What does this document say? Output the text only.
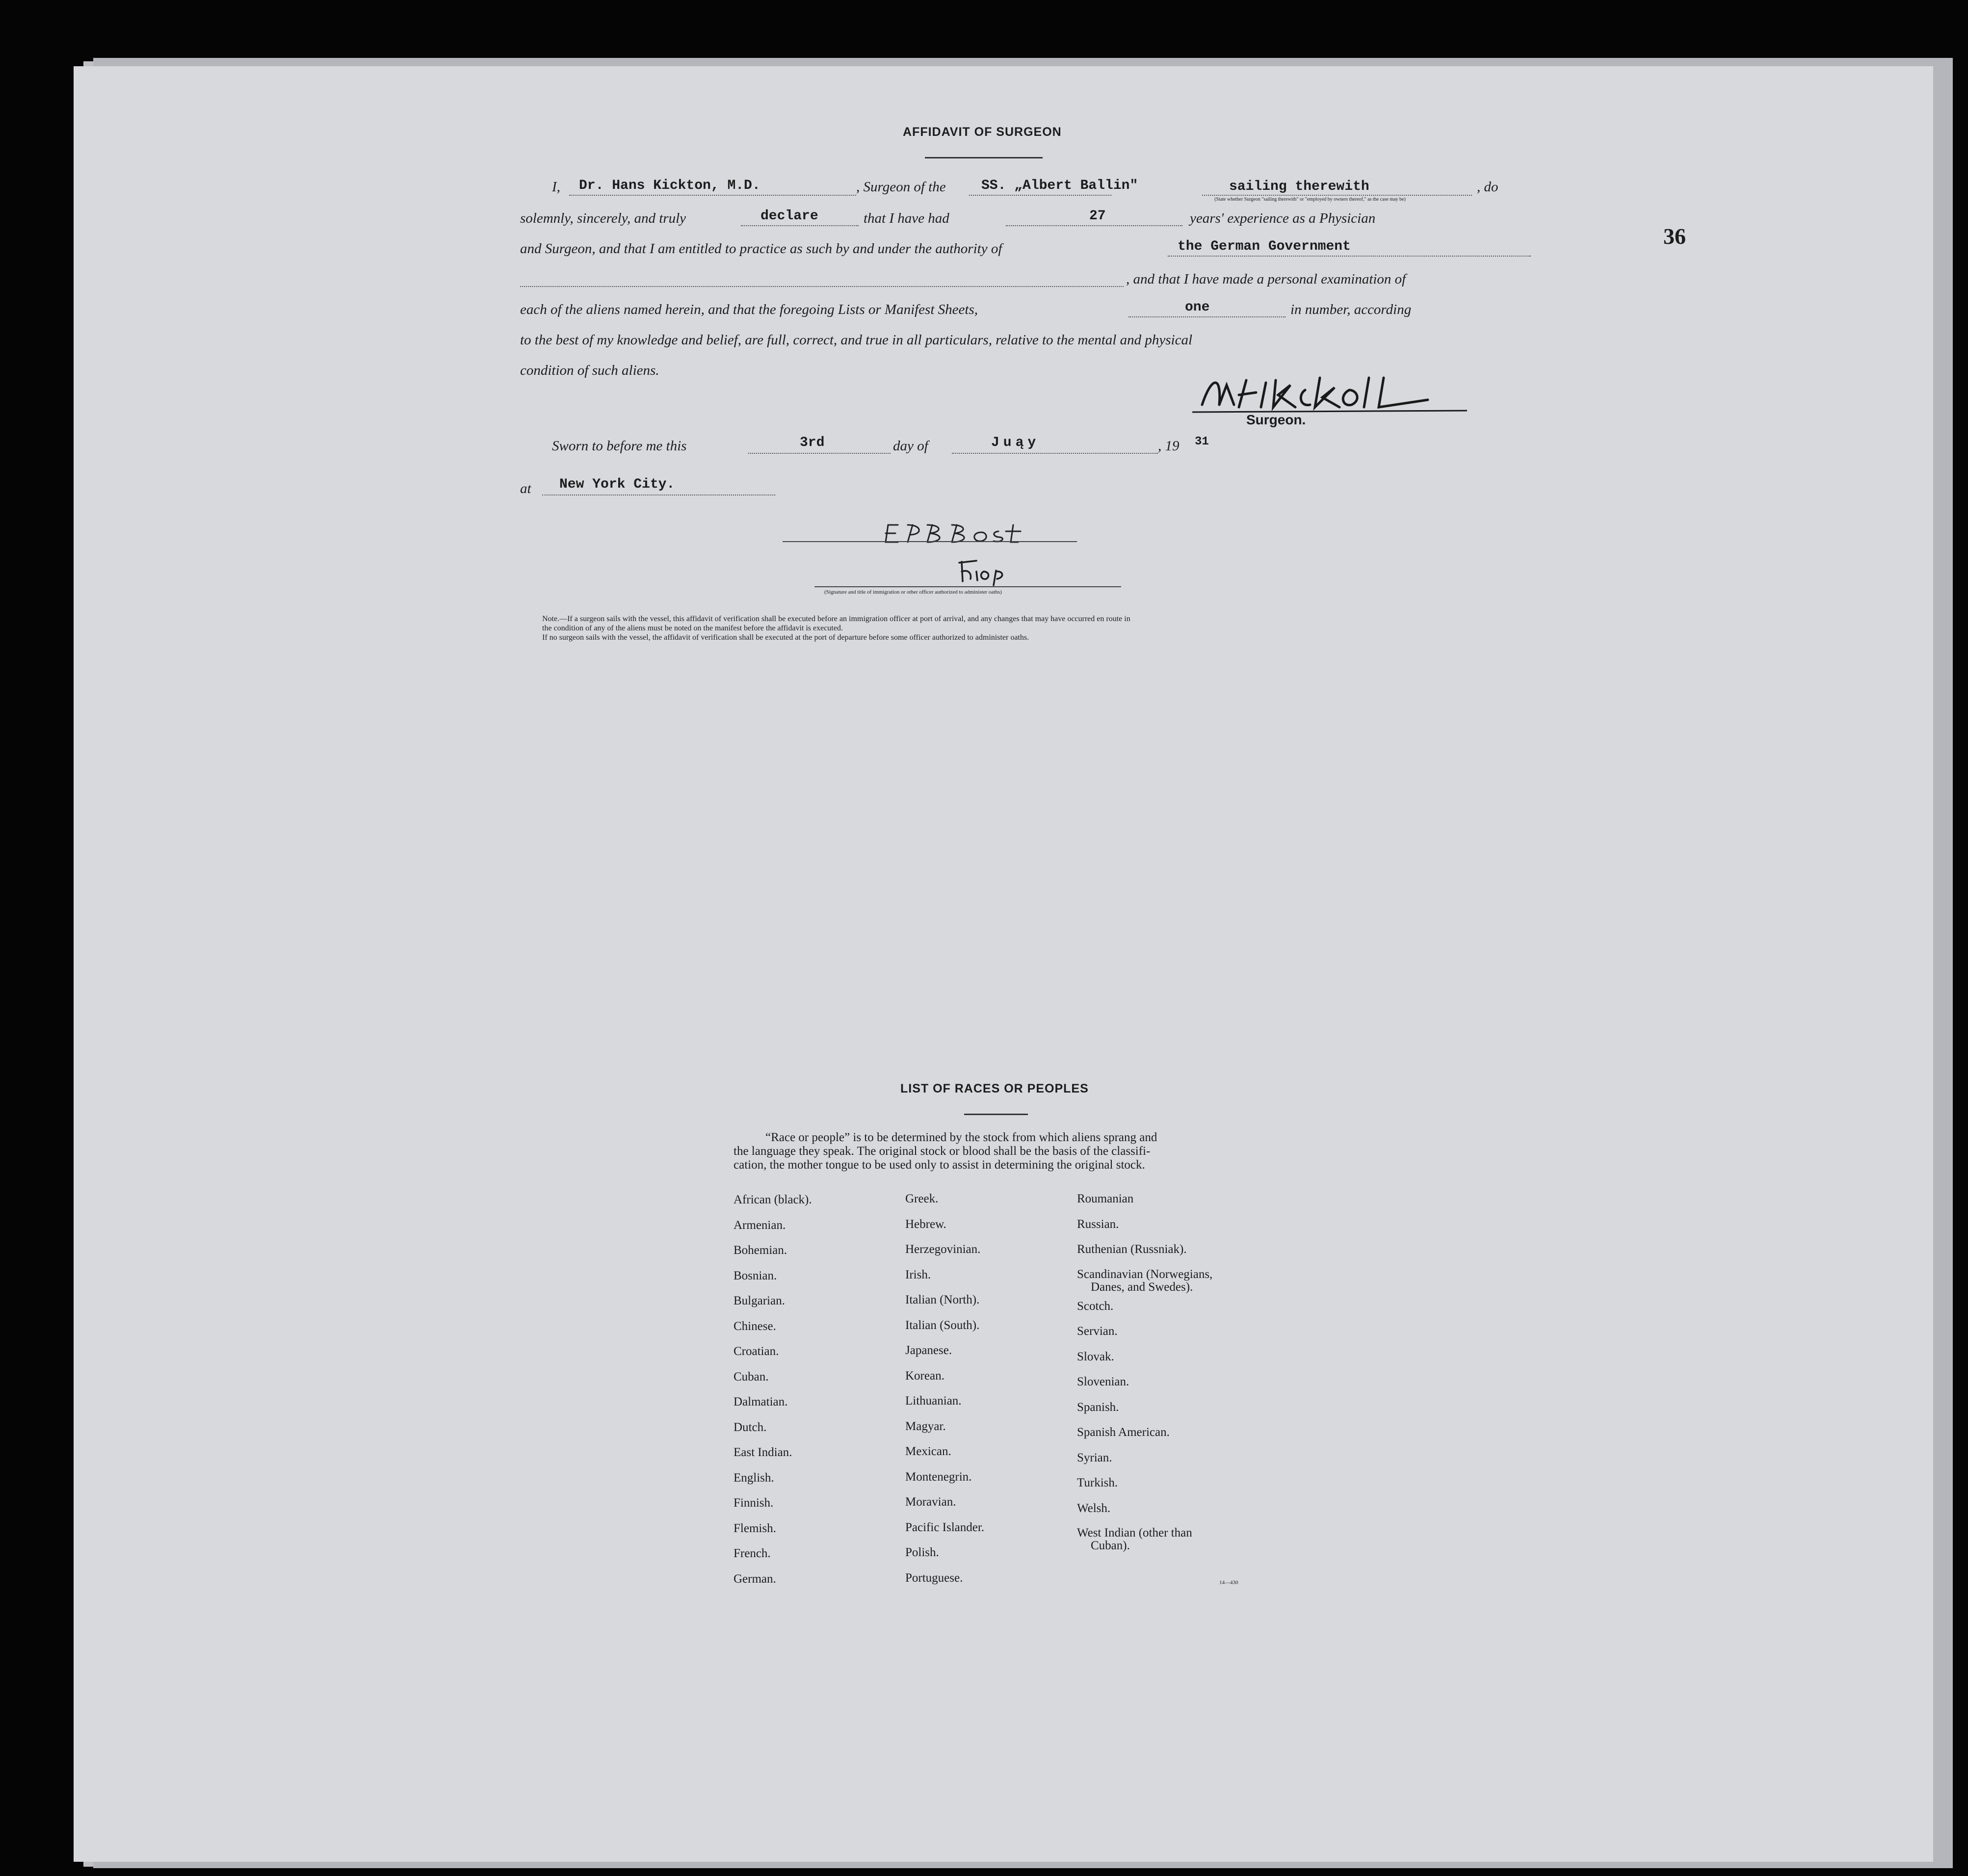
36
AFFIDAVIT OF SURGEON
I, Dr. Hans Kickton, M.D.	, Surgeon of the	SS. „Albert Ballin"	sailing therewith
(State whether Surgeon "sailing therewith" or "employed by owners thereof," as the case may be)
, do
solemnly, sincerely, and truly	declare	that I have had	27	years' experience as a Physician
and Surgeon, and that I am entitled to practice as such by and under the authority of	the German Government
, and that I have made a personal examination of
each of the aliens named herein, and that the foregoing Lists or Manifest Sheets,	one	in number, according
to the best of my knowledge and belief, are full, correct, and true in all particulars, relative to the mental and physical
condition of such aliens.
Surgeon.
Sworn to before me this	3rd	day of	Juąy	, 19 31
at New York City.
(Signature and title of immigration or other officer authorized to administer oaths)
Note.—If a surgeon sails with the vessel, this affidavit of verification shall be executed before an immigration officer at port of arrival, and any changes that may have occurred en route in
the condition of any of the aliens must be noted on the manifest before the affidavit is executed.
If no surgeon sails with the vessel, the affidavit of verification shall be executed at the port of departure before some officer authorized to administer oaths.
LIST OF RACES OR PEOPLES
“Race or people” is to be determined by the stock from which aliens sprang and
the language they speak. The original stock or blood shall be the basis of the classifi-
cation, the mother tongue to be used only to assist in determining the original stock.
African (black).
Armenian.
Bohemian.
Bosnian.
Bulgarian.
Chinese.
Croatian.
Cuban.
Dalmatian.
Dutch.
East Indian.
English.
Finnish.
Flemish.
French.
German.
Greek.
Hebrew.
Herzegovinian.
Irish.
Italian (North).
Italian (South).
Japanese.
Korean.
Lithuanian.
Magyar.
Mexican.
Montenegrin.
Moravian.
Pacific Islander.
Polish.
Portuguese.
Roumanian
Russian.
Ruthenian (Russniak).
Scandinavian (Norwegians,
Danes, and Swedes).
Scotch.
Servian.
Slovak.
Slovenian.
Spanish.
Spanish American.
Syrian.
Turkish.
Welsh.
West Indian (other than
Cuban).
14—430
